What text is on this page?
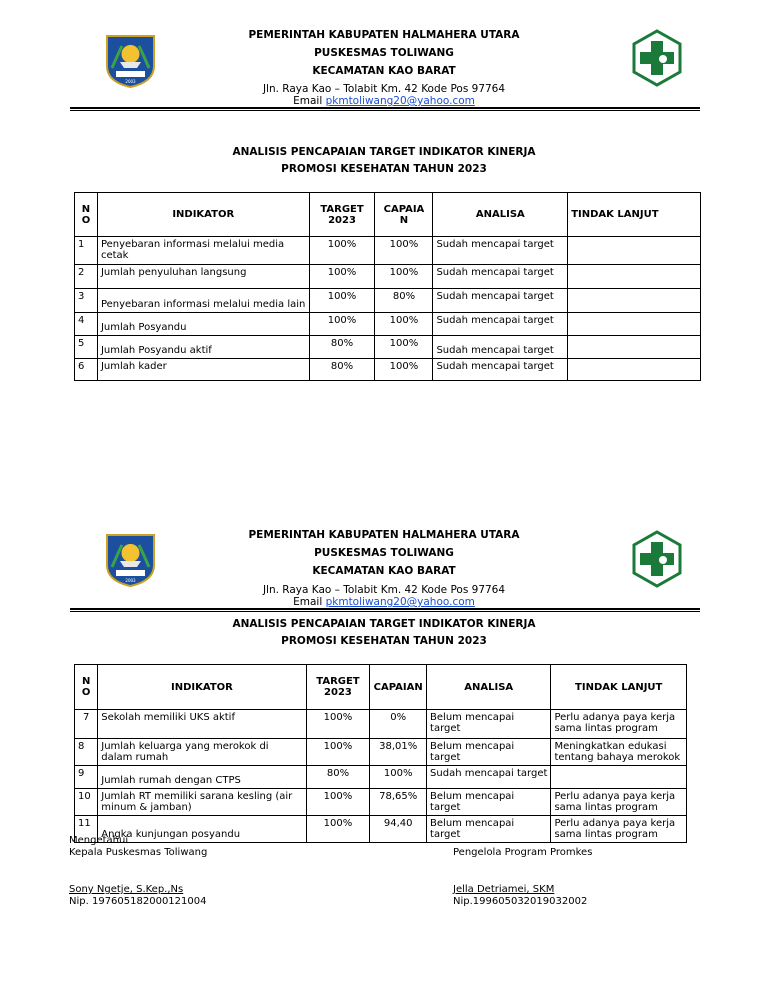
2003
PEMERINTAH KABUPATEN HALMAHERA UTARA
PUSKESMAS TOLIWANG
KECAMATAN KAO BARAT
Jln. Raya Kao – Tolabit Km. 42 Kode Pos 97764
Email pkmtoliwang20@yahoo.com
ANALISIS PENCAPAIAN TARGET INDIKATOR KINERJA
PROMOSI KESEHATAN TAHUN 2023
N O	INDIKATOR	TARGET 2023	CAPAIA N	ANALISA	TINDAK LANJUT
1	Penyebaran informasi melalui media cetak	100%	100%	Sudah mencapai target	
2	Jumlah penyuluhan langsung	100%	100%	Sudah mencapai target	
3	Penyebaran informasi melalui media lain	100%	80%	Sudah mencapai target	
4	Jumlah Posyandu	100%	100%	Sudah mencapai target	
5	Jumlah Posyandu aktif	80%	100%	Sudah mencapai target	
6	Jumlah kader	80%	100%	Sudah mencapai target	
2003
PEMERINTAH KABUPATEN HALMAHERA UTARA
PUSKESMAS TOLIWANG
KECAMATAN KAO BARAT
Jln. Raya Kao – Tolabit Km. 42 Kode Pos 97764
Email pkmtoliwang20@yahoo.com
ANALISIS PENCAPAIAN TARGET INDIKATOR KINERJA
PROMOSI KESEHATAN TAHUN 2023
N O	INDIKATOR	TARGET 2023	CAPAIAN	ANALISA	TINDAK LANJUT
7	Sekolah memiliki UKS aktif	100%	0%	Belum mencapai target	Perlu adanya paya kerja sama lintas program
8	Jumlah keluarga yang merokok di dalam rumah	100%	38,01%	Belum mencapai target	Meningkatkan edukasi tentang bahaya merokok
9	Jumlah rumah dengan CTPS	80%	100%	Sudah mencapai target	
10	Jumlah RT memiliki sarana kesling (air minum & jamban)	100%	78,65%	Belum mencapai target	Perlu adanya paya kerja sama lintas program
11	Angka kunjungan posyandu	100%	94,40	Belum mencapai target	Perlu adanya paya kerja sama lintas program
Mengetahui
Kepala Puskesmas Toliwang
Sony Ngetje, S.Kep.,Ns
Nip. 197605182000121004
Pengelola Program Promkes
Jella Detriamei, SKM
Nip.199605032019032002
